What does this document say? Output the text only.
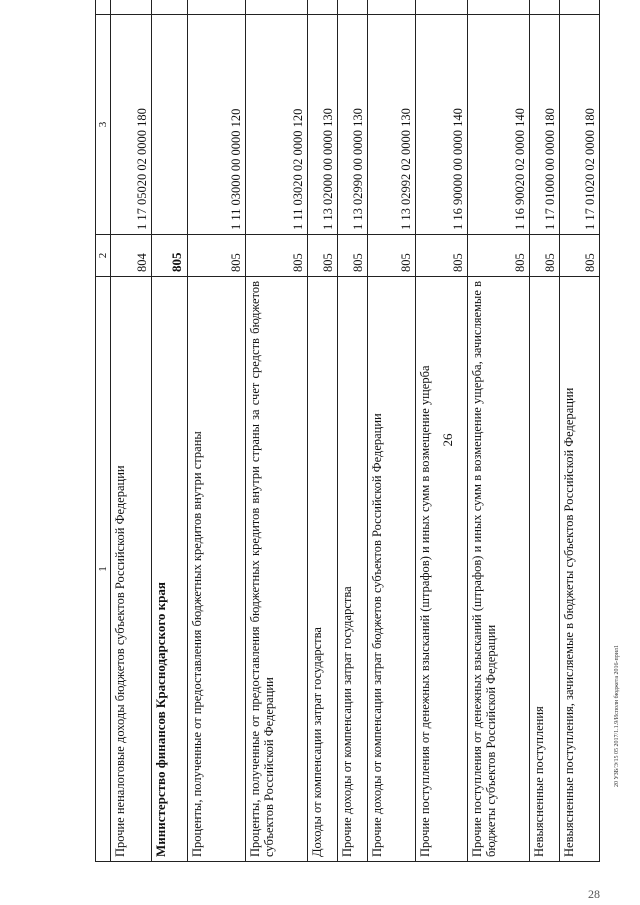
26
1	2	3	
Прочие неналоговые доходы бюджетов субъектов Российской Федерации	804	1 17 05020 02 0000 180	
Министерство финансов Краснодарского края	805		
Проценты, полученные от предоставления бюджетных кредитов внутри страны	805	1 11 03000 00 0000 120	
Проценты, полученные от предоставления бюджетных кредитов внутри страны за счет средств бюджетов субъектов Российской Федерации	805	1 11 03020 02 0000 120	
Доходы от компенсации затрат государства	805	1 13 02000 00 0000 130	
Прочие доходы от компенсации затрат государства	805	1 13 02990 00 0000 130	
Прочие доходы от компенсации затрат бюджетов субъектов Российской Федерации	805	1 13 02992 02 0000 130	
Прочие поступления от денежных взысканий (штрафов) и иных сумм в возмещение ущерба	805	1 16 90000 00 0000 140	
Прочие поступления от денежных взысканий (штрафов) и иных сумм в возмещение ущерба, зачисляемые в бюджеты субъектов Российской Федерации	805	1 16 90020 02 0000 140	
Невыясненные поступления	805	1 17 01000 00 0000 180	
Невыясненные поступления, зачисляемые в бюджеты субъектов Российской Федерации	805	1 17 01020 02 0000 180	
20 УЗБ/Э/15 05 2017/1.1.9/Исполн бюджета 2016-прил1
28
